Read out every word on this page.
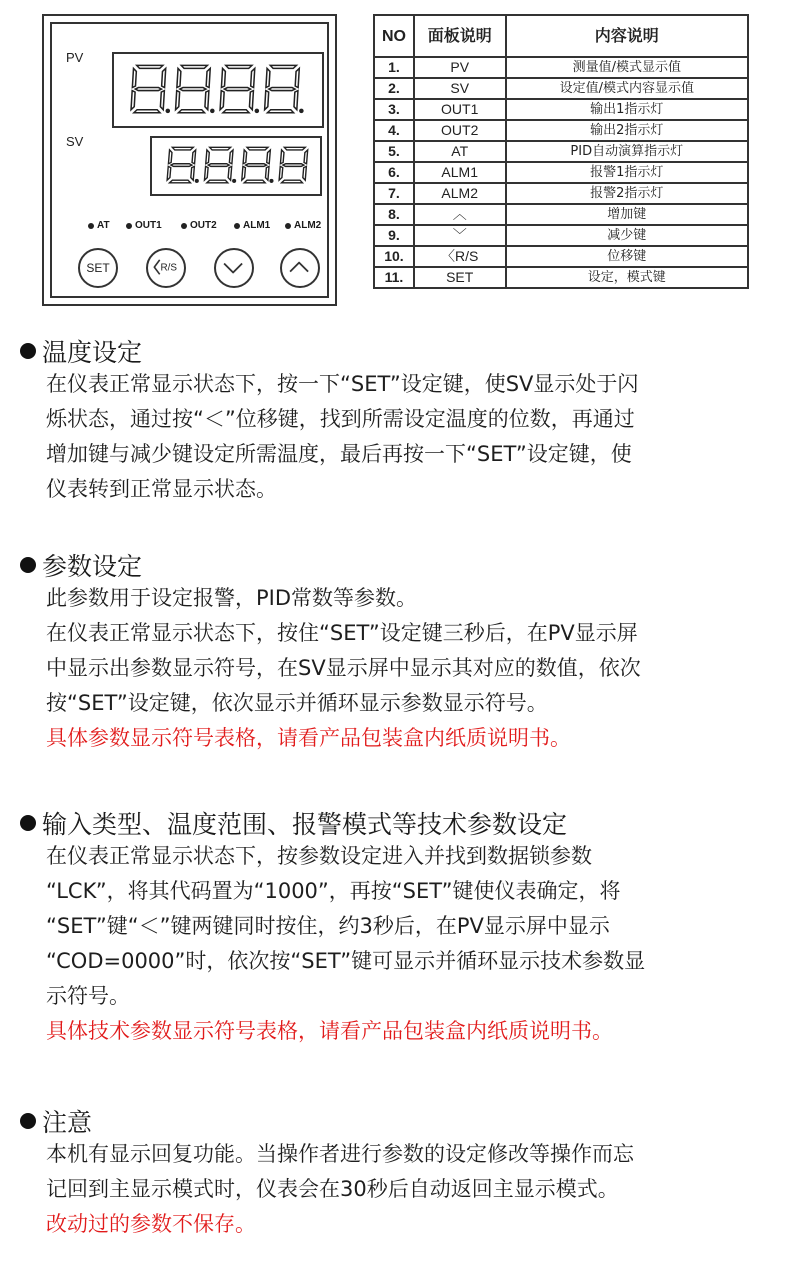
PV
SV
AT	OUT1	OUT2	ALM1 ALM2
SET	R/S
NO	面板说明	内容说明
1.	PV	测量值/模式显示值
2.	SV	设定值/模式内容显示值
3.	OUT1	输出1指示灯
4.	OUT2	输出2指示灯
5.	AT	PID自动演算指示灯
6.	ALM1	报警1指示灯
7.	ALM2	报警2指示灯
8.	︿	增加键
9.	﹀	减少键
10.	〈R/S	位移键
11.	SET	设定，模式键
温度设定
在仪表正常显示状态下，按一下“SET”设定键，使SV显示处于闪
烁状态，通过按“＜”位移键，找到所需设定温度的位数，再通过
增加键与减少键设定所需温度，最后再按一下“SET”设定键，使
仪表转到正常显示状态。
参数设定
此参数用于设定报警，PID常数等参数。
在仪表正常显示状态下，按住“SET”设定键三秒后，在PV显示屏
中显示出参数显示符号，在SV显示屏中显示其对应的数值，依次
按“SET”设定键，依次显示并循环显示参数显示符号。
具体参数显示符号表格，请看产品包装盒内纸质说明书。
输入类型、温度范围、报警模式等技术参数设定
在仪表正常显示状态下，按参数设定进入并找到数据锁参数
“LCK”，将其代码置为“1000”，再按“SET”键使仪表确定，将
“SET”键“＜”键两键同时按住，约3秒后，在PV显示屏中显示
“COD=0000”时，依次按“SET”键可显示并循环显示技术参数显
示符号。
具体技术参数显示符号表格，请看产品包装盒内纸质说明书。
注意
本机有显示回复功能。当操作者进行参数的设定修改等操作而忘
记回到主显示模式时，仪表会在30秒后自动返回主显示模式。
改动过的参数不保存。
